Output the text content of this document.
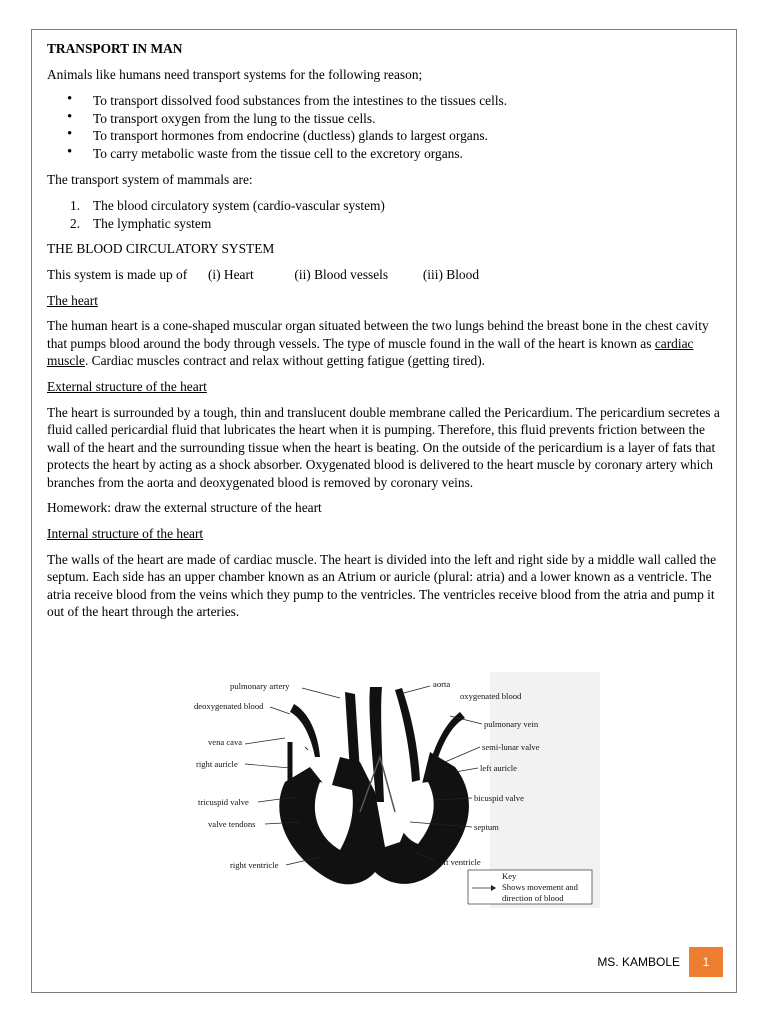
TRANSPORT IN MAN

Animals like humans need transport systems for the following reason;

• To transport dissolved food substances from the intestines to the tissues cells.
• To transport oxygen from the lung to the tissue cells.
• To transport hormones from endocrine (ductless) glands to largest organs.
• To carry metabolic waste from the tissue cell to the excretory organs.

The transport system of mammals are:

1. The blood circulatory system (cardio-vascular system)
2. The lymphatic system

THE BLOOD CIRCULATORY SYSTEM

This system is made up of (i) Heart	(ii) Blood vessels	(iii) Blood

The heart

The human heart is a cone-shaped muscular organ situated between the two lungs behind the breast bone in the chest cavity that pumps blood around the body through vessels. The type of muscle found in the wall of the heart is known as cardiac muscle. Cardiac muscles contract and relax without getting fatigue (getting tired).

External structure of the heart

The heart is surrounded by a tough, thin and translucent double membrane called the Pericardium. The pericardium secretes a fluid called pericardial fluid that lubricates the heart when it is pumping. Therefore, this fluid prevents friction between the wall of the heart and the surrounding tissue when the heart is beating. On the outside of the pericardium is a layer of fats that protects the heart by acting as a shock absorber. Oxygenated blood is delivered to the heart muscle by coronary artery which branches from the aorta and deoxygenated blood is removed by coronary veins.

Homework: draw the external structure of the heart

Internal structure of the heart

The walls of the heart are made of cardiac muscle. The heart is divided into the left and right side by a middle wall called the septum. Each side has an upper chamber known as an Atrium or auricle (plural: atria) and a lower known as a ventricle. The atria receive blood from the veins which they pump to the ventricles. The ventricles receive blood from the atria and pump it out of the heart through the arteries.

pulmonary artery
deoxygenated blood
vena cava
right auricle
tricuspid valve
valve tendons
right ventricle
aorta
oxygenated blood
pulmonary vein
semi-lunar valve
left auricle
bicuspid valve
septum
left ventricle
Key
Shows movement and
direction of blood
MS. KAMBOLE	1
